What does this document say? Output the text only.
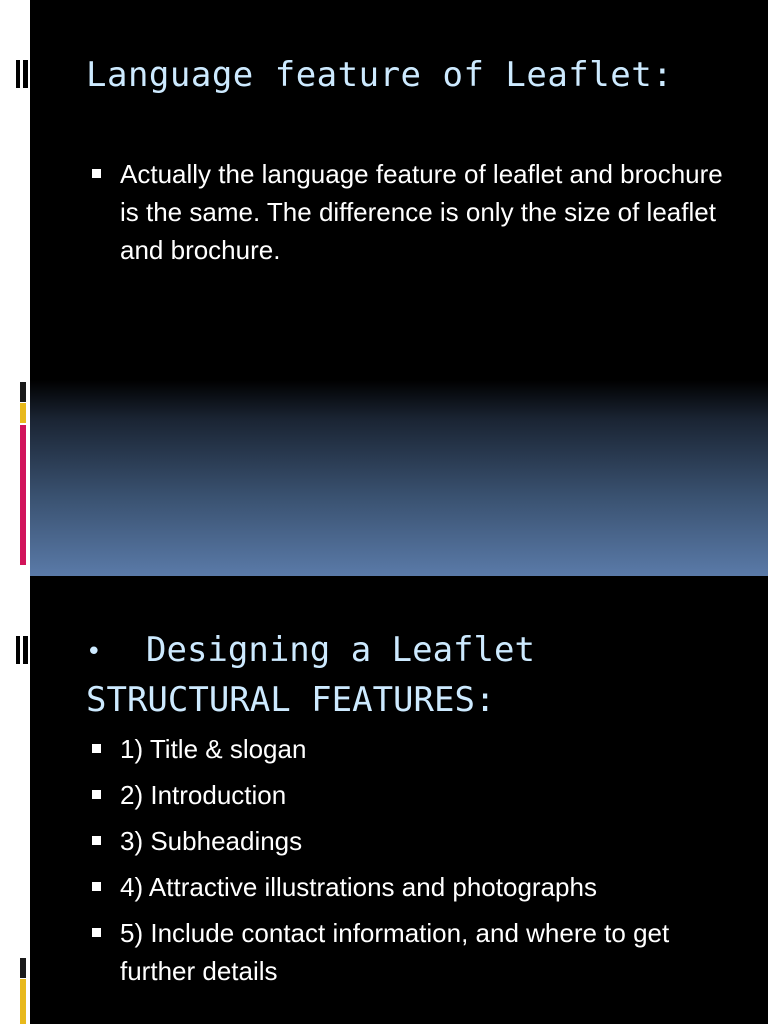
Language feature of Leaflet:
Actually the language feature of leaflet and brochure is the same. The difference is only the size of leaflet and brochure.
• Designing a Leaflet
STRUCTURAL FEATURES:
1) Title & slogan
2) Introduction
3) Subheadings
4) Attractive illustrations and photographs
5) Include contact information, and where to get further details
